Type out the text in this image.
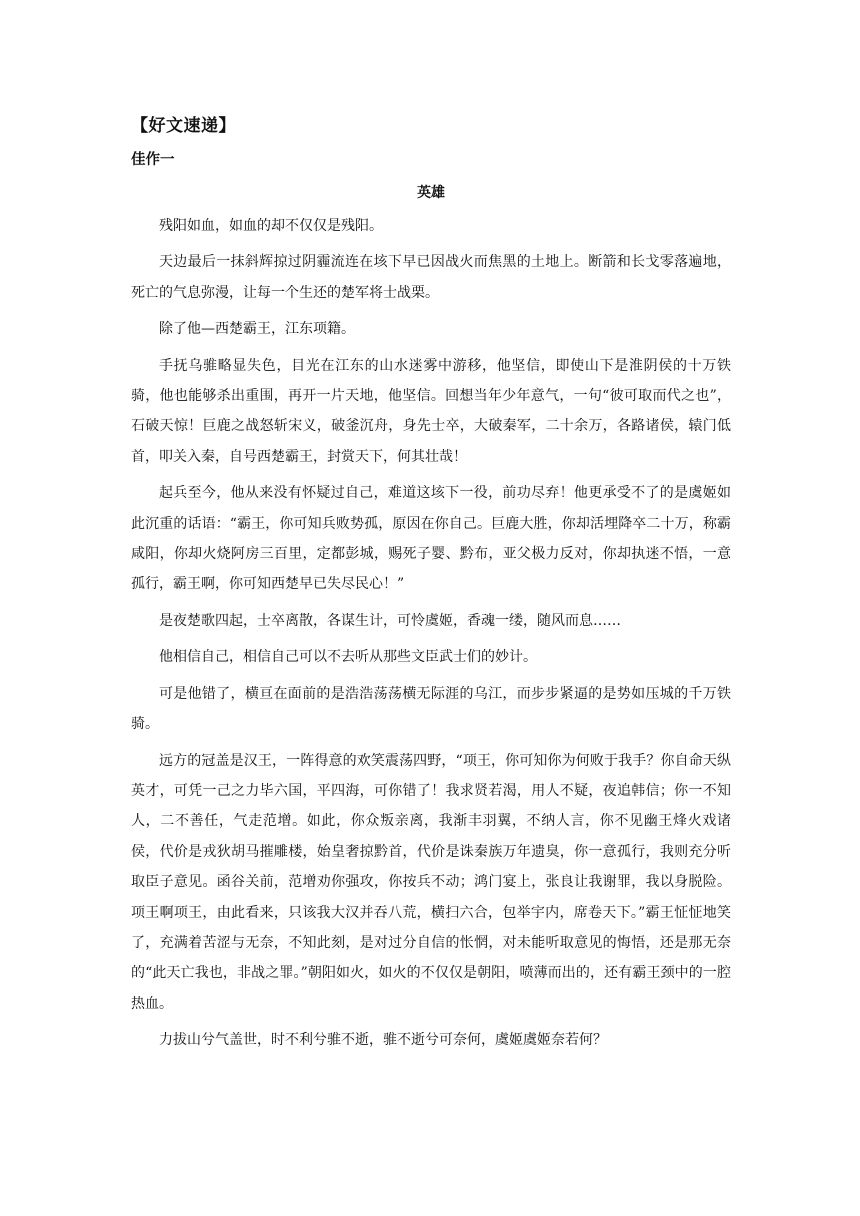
【好文速递】
佳作一
英雄

残阳如血，如血的却不仅仅是残阳。

天边最后一抹斜辉掠过阴霾流连在垓下早已因战火而焦黑的土地上。断箭和长戈零落遍地，死亡的气息弥漫，让每一个生还的楚军将士战栗。

除了他—西楚霸王，江东项籍。

手抚乌骓略显失色，目光在江东的山水迷雾中游移，他坚信，即使山下是淮阴侯的十万铁骑，他也能够杀出重围，再开一片天地，他坚信。回想当年少年意气，一句“彼可取而代之也”，石破天惊！巨鹿之战怒斩宋义，破釜沉舟，身先士卒，大破秦军，二十余万，各路诸侯，辕门低首，叩关入秦，自号西楚霸王，封赏天下，何其壮哉！

起兵至今，他从来没有怀疑过自己，难道这垓下一役，前功尽弃！他更承受不了的是虞姬如此沉重的话语：“霸王，你可知兵败势孤，原因在你自己。巨鹿大胜，你却活埋降卒二十万，称霸咸阳，你却火烧阿房三百里，定都彭城，赐死子婴、黔布，亚父极力反对，你却执迷不悟，一意孤行，霸王啊，你可知西楚早已失尽民心！”

是夜楚歌四起，士卒离散，各谋生计，可怜虞姬，香魂一缕，随风而息……

他相信自己，相信自己可以不去听从那些文臣武士们的妙计。

可是他错了，横亘在面前的是浩浩荡荡横无际涯的乌江，而步步紧逼的是势如压城的千万铁骑。

远方的冠盖是汉王，一阵得意的欢笑震荡四野，“项王，你可知你为何败于我手？你自命天纵英才，可凭一己之力毕六国，平四海，可你错了！我求贤若渴，用人不疑，夜追韩信；你一不知人，二不善任，气走范增。如此，你众叛亲离，我渐丰羽翼，不纳人言，你不见幽王烽火戏诸侯，代价是戎狄胡马摧雕楼，始皇奢掠黔首，代价是诛秦族万年遗臭，你一意孤行，我则充分听取臣子意见。函谷关前，范增劝你强攻，你按兵不动；鸿门宴上，张良让我谢罪，我以身脱险。项王啊项王，由此看来，只该我大汉并吞八荒，横扫六合，包举宇内，席卷天下。”霸王怔怔地笑了，充满着苦涩与无奈，不知此刻，是对过分自信的怅惘，对未能听取意见的悔悟，还是那无奈的“此天亡我也，非战之罪。”朝阳如火，如火的不仅仅是朝阳，喷薄而出的，还有霸王颈中的一腔热血。

力拔山兮气盖世，时不利兮骓不逝，骓不逝兮可奈何，虞姬虞姬奈若何？
